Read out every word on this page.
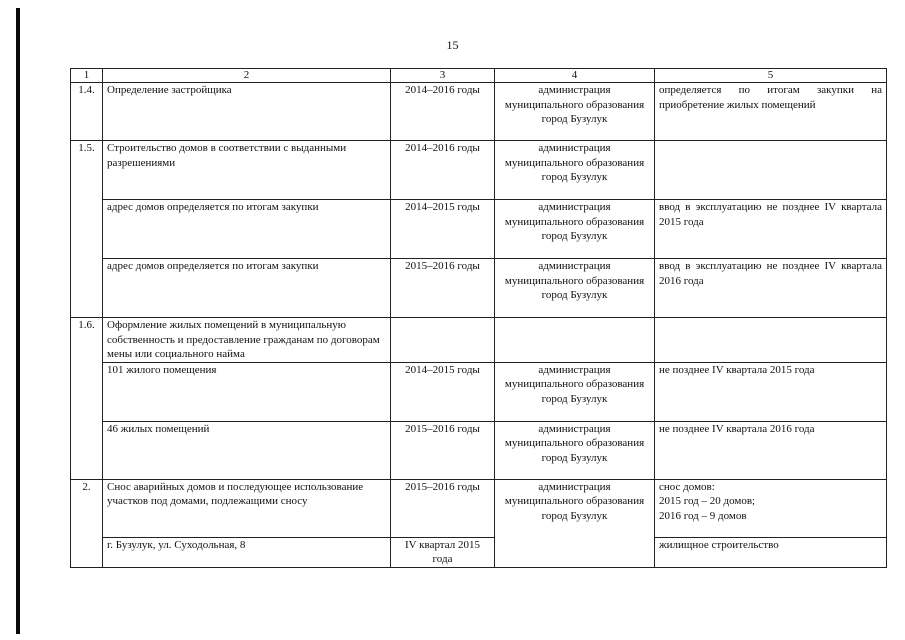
15
1	2	3	4	5
1.4.	Определение застройщика	2014–2016 годы	администрация муниципального образования город Бузулук	определяется по итогам закупки на приобретение жилых помещений
1.5.	Строительство домов в соответствии с выданными разрешениями	2014–2016 годы	администрация муниципального образования город Бузулук	
	адрес домов определяется по итогам закупки	2014–2015 годы	администрация муниципального образования город Бузулук	ввод в эксплуатацию не позднее IV квартала 2015 года
	адрес домов определяется по итогам закупки	2015–2016 годы	администрация муниципального образования город Бузулук	ввод в эксплуатацию не позднее IV квартала 2016 года
1.6.	Оформление жилых помещений в муниципальную собственность и предоставление гражданам по договорам мены или социального найма			
	101 жилого помещения	2014–2015 годы	администрация муниципального образования город Бузулук	не позднее IV квартала 2015 года
	46 жилых помещений	2015–2016 годы	администрация муниципального образования город Бузулук	не позднее IV квартала 2016 года
2.	Снос аварийных домов и последующее использование участков под домами, подлежащими сносу	2015–2016 годы	администрация муниципального образования город Бузулук	снос домов:
2015 год – 20 домов;
2016 год – 9 домов

	г. Бузулук, ул. Суходольная, 8	IV квартал 2015 года		жилищное строительство
